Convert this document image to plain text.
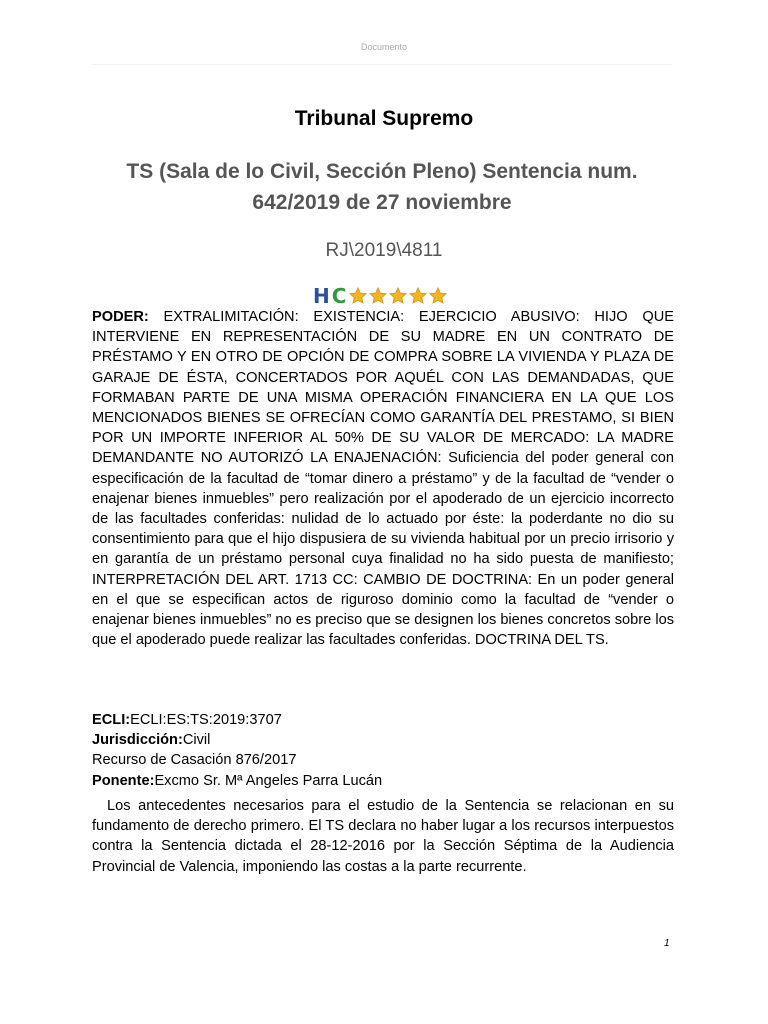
Documento
Tribunal Supremo
TS (Sala de lo Civil, Sección Pleno) Sentencia num. 642/2019 de 27 noviembre
RJ\2019\4811
H C
PODER: EXTRALIMITACIÓN: EXISTENCIA: EJERCICIO ABUSIVO: HIJO QUE INTERVIENE EN REPRESENTACIÓN DE SU MADRE EN UN CONTRATO DE PRÉSTAMO Y EN OTRO DE OPCIÓN DE COMPRA SOBRE LA VIVIENDA Y PLAZA DE GARAJE DE ÉSTA, CONCERTADOS POR AQUÉL CON LAS DEMANDADAS, QUE FORMABAN PARTE DE UNA MISMA OPERACIÓN FINANCIERA EN LA QUE LOS MENCIONADOS BIENES SE OFRECÍAN COMO GARANTÍA DEL PRESTAMO, SI BIEN POR UN IMPORTE INFERIOR AL 50% DE SU VALOR DE MERCADO: LA MADRE DEMANDANTE NO AUTORIZÓ LA ENAJENACIÓN: Suficiencia del poder general con especificación de la facultad de “tomar dinero a préstamo” y de la facultad de “vender o enajenar bienes inmuebles” pero realización por el apoderado de un ejercicio incorrecto de las facultades conferidas: nulidad de lo actuado por éste: la poderdante no dio su consentimiento para que el hijo dispusiera de su vivienda habitual por un precio irrisorio y en garantía de un préstamo personal cuya finalidad no ha sido puesta de manifiesto; INTERPRETACIÓN DEL ART. 1713 CC: CAMBIO DE DOCTRINA: En un poder general en el que se especifican actos de riguroso dominio como la facultad de “vender o enajenar bienes inmuebles” no es preciso que se designen los bienes concretos sobre los que el apoderado puede realizar las facultades conferidas. DOCTRINA DEL TS.
ECLI:ECLI:ES:TS:2019:3707
Jurisdicción:Civil
Recurso de Casación 876/2017
Ponente:Excmo Sr. Mª Angeles Parra Lucán
Los antecedentes necesarios para el estudio de la Sentencia se relacionan en su fundamento de derecho primero. El TS declara no haber lugar a los recursos interpuestos contra la Sentencia dictada el 28-12-2016 por la Sección Séptima de la Audiencia Provincial de Valencia, imponiendo las costas a la parte recurrente.
1
